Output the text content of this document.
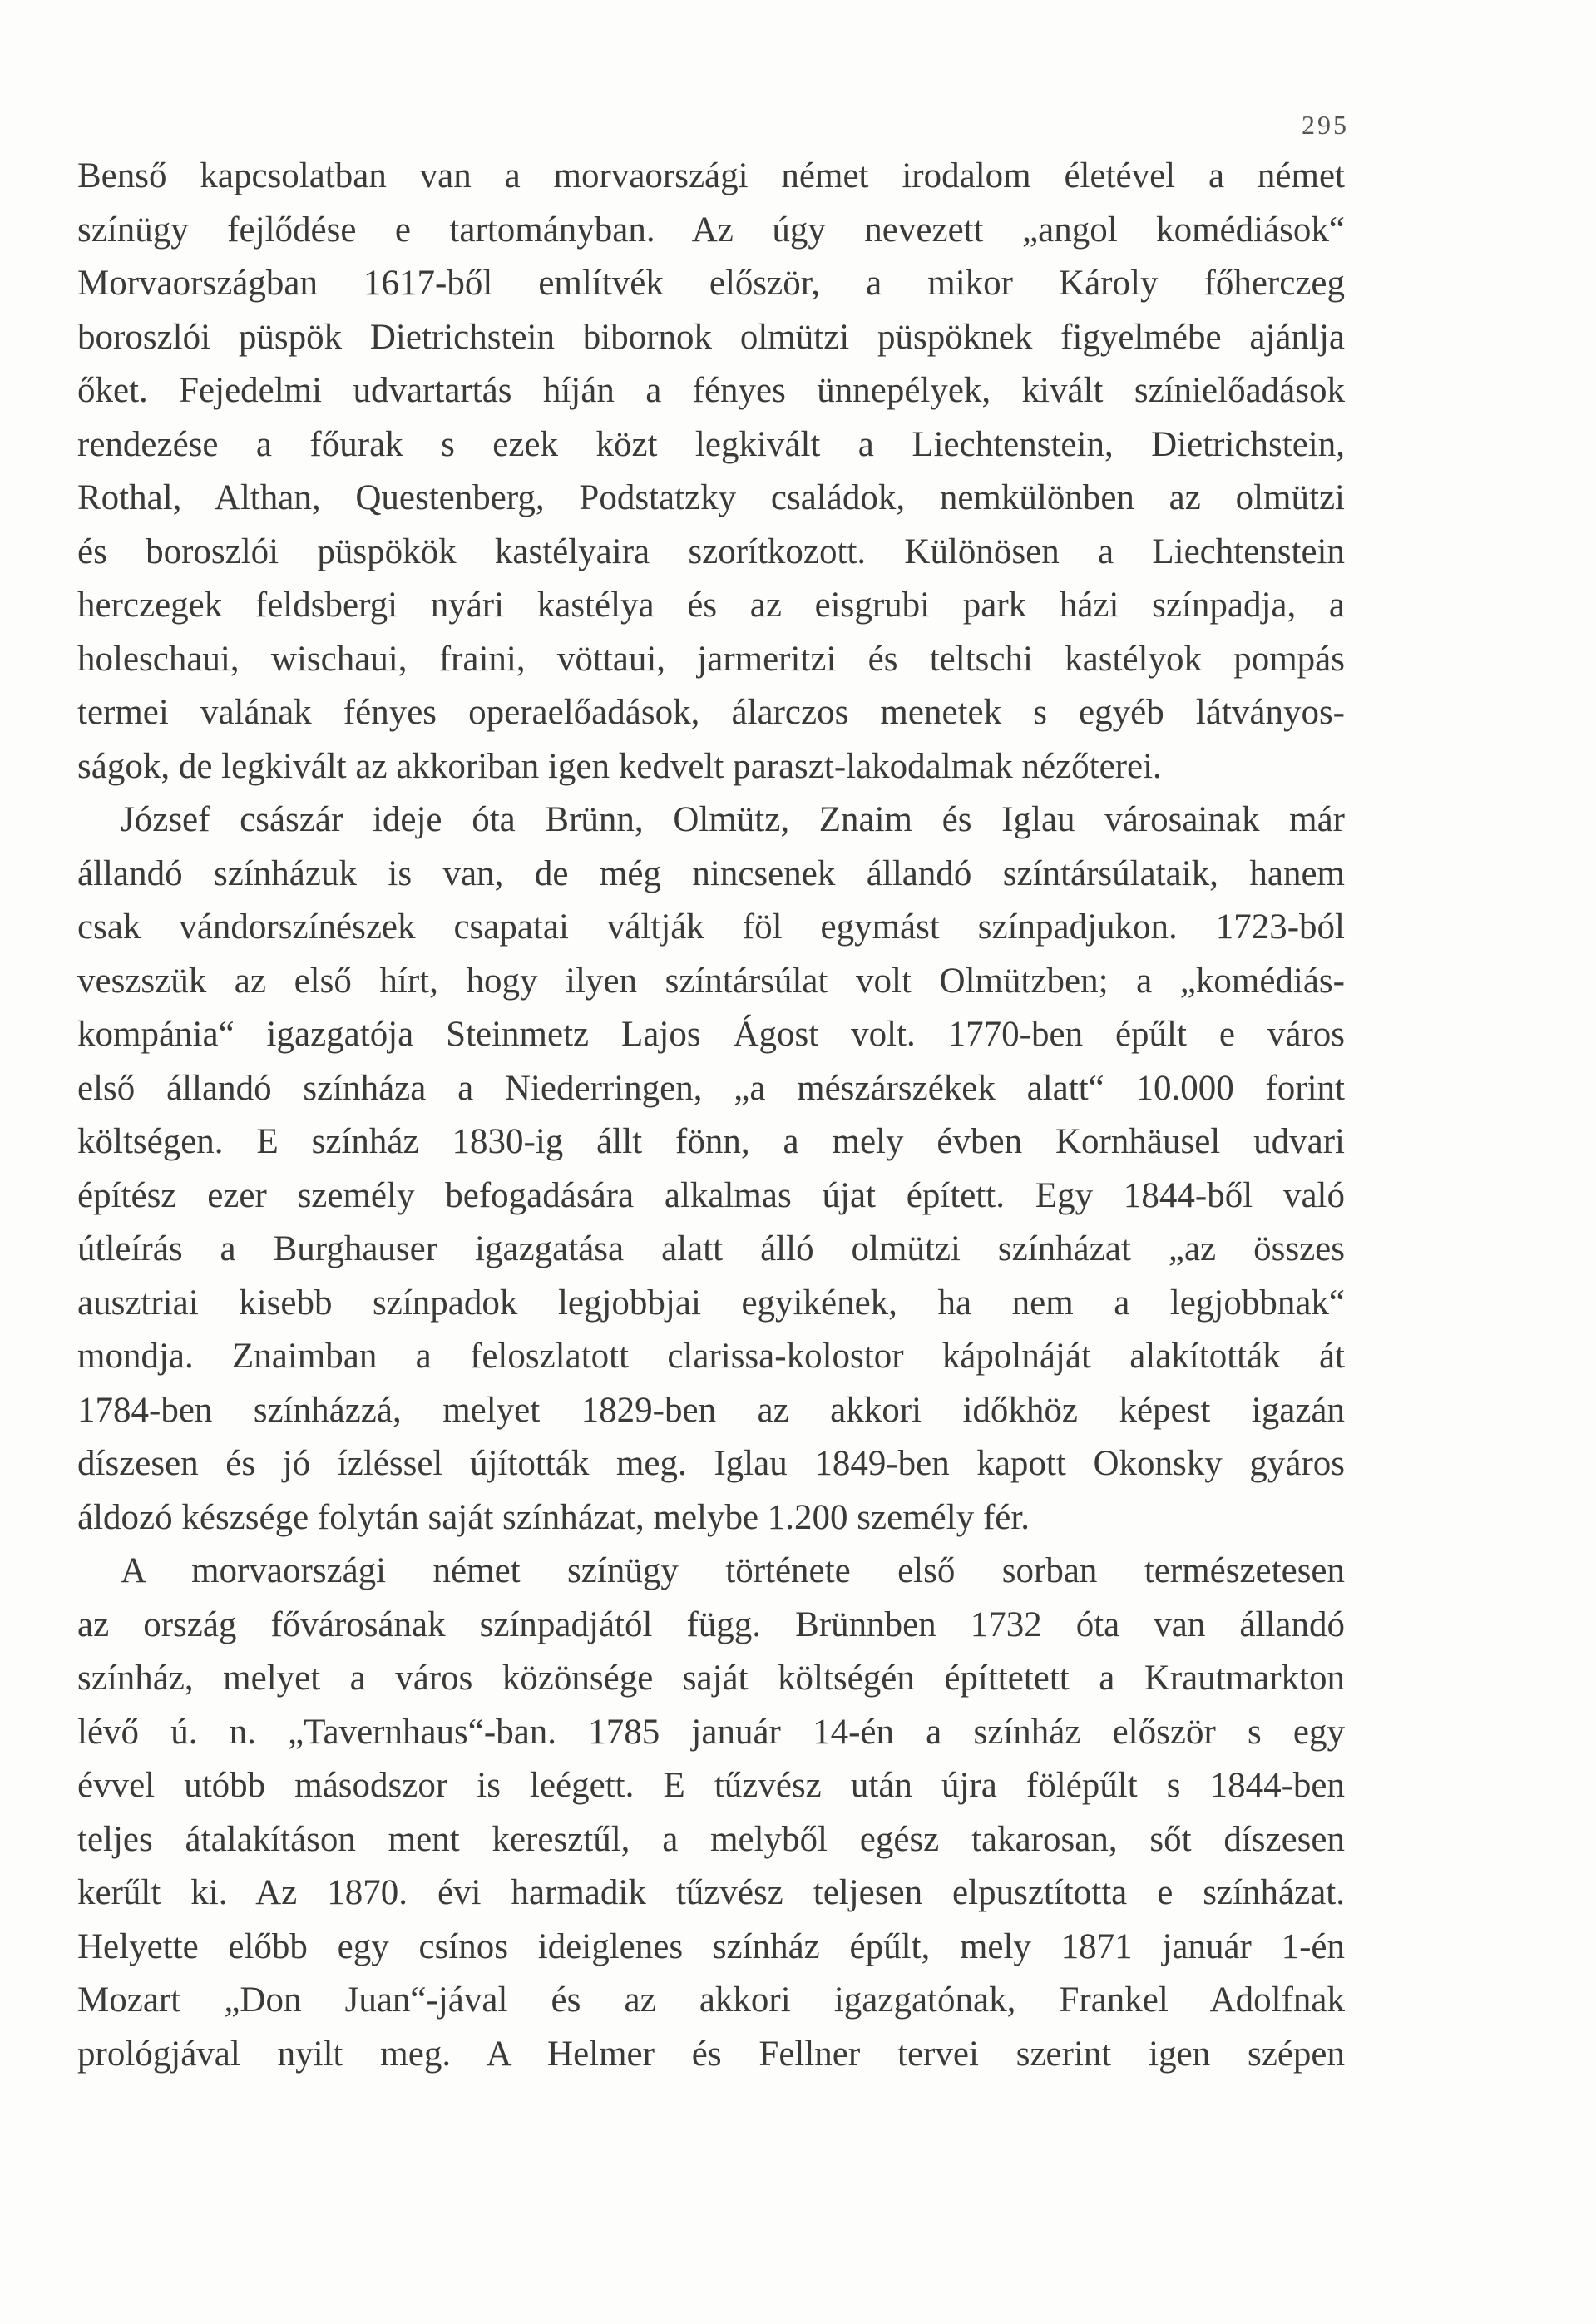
295
Benső kapcsolatban van a morvaországi német irodalom életével a német
színügy fejlődése e tartományban. Az úgy nevezett „angol komédiások“
Morvaországban 1617-ből említvék először, a mikor Károly főherczeg
boroszlói püspök Dietrichstein bibornok olmützi püspöknek figyelmébe ajánlja
őket. Fejedelmi udvartartás híján a fényes ünnepélyek, kivált színielőadások
rendezése a főurak s ezek közt legkivált a Liechtenstein, Dietrichstein,
Rothal, Althan, Questenberg, Podstatzky családok, nemkülönben az olmützi
és boroszlói püspökök kastélyaira szorítkozott. Különösen a Liechtenstein
herczegek feldsbergi nyári kastélya és az eisgrubi park házi színpadja, a
holeschaui, wischaui, fraini, vöttaui, jarmeritzi és teltschi kastélyok pompás
termei valának fényes operaelőadások, álarczos menetek s egyéb látványos-
ságok, de legkivált az akkoriban igen kedvelt paraszt-lakodalmak nézőterei.
József császár ideje óta Brünn, Olmütz, Znaim és Iglau városainak már
állandó színházuk is van, de még nincsenek állandó színtársúlataik, hanem
csak vándorszínészek csapatai váltják föl egymást színpadjukon. 1723-ból
veszszük az első hírt, hogy ilyen színtársúlat volt Olmützben; a „komédiás-
kompánia“ igazgatója Steinmetz Lajos Ágost volt. 1770-ben épűlt e város
első állandó színháza a Niederringen, „a mészárszékek alatt“ 10.000 forint
költségen. E színház 1830-ig állt fönn, a mely évben Kornhäusel udvari
építész ezer személy befogadására alkalmas újat épített. Egy 1844-ből való
útleírás a Burghauser igazgatása alatt álló olmützi színházat „az összes
ausztriai kisebb színpadok legjobbjai egyikének, ha nem a legjobbnak“
mondja. Znaimban a feloszlatott clarissa-kolostor kápolnáját alakították át
1784-ben színházzá, melyet 1829-ben az akkori időkhöz képest igazán
díszesen és jó ízléssel újították meg. Iglau 1849-ben kapott Okonsky gyáros
áldozó készsége folytán saját színházat, melybe 1.200 személy fér.
A morvaországi német színügy története első sorban természetesen
az ország fővárosának színpadjától függ. Brünnben 1732 óta van állandó
színház, melyet a város közönsége saját költségén építtetett a Krautmarkton
lévő ú. n. „Tavernhaus“-ban. 1785 január 14-én a színház először s egy
évvel utóbb másodszor is leégett. E tűzvész után újra fölépűlt s 1844-ben
teljes átalakításon ment keresztűl, a melyből egész takarosan, sőt díszesen
kerűlt ki. Az 1870. évi harmadik tűzvész teljesen elpusztította e színházat.
Helyette előbb egy csínos ideiglenes színház épűlt, mely 1871 január 1-én
Mozart „Don Juan“-jával és az akkori igazgatónak, Frankel Adolfnak
prológjával nyilt meg. A Helmer és Fellner tervei szerint igen szépen
